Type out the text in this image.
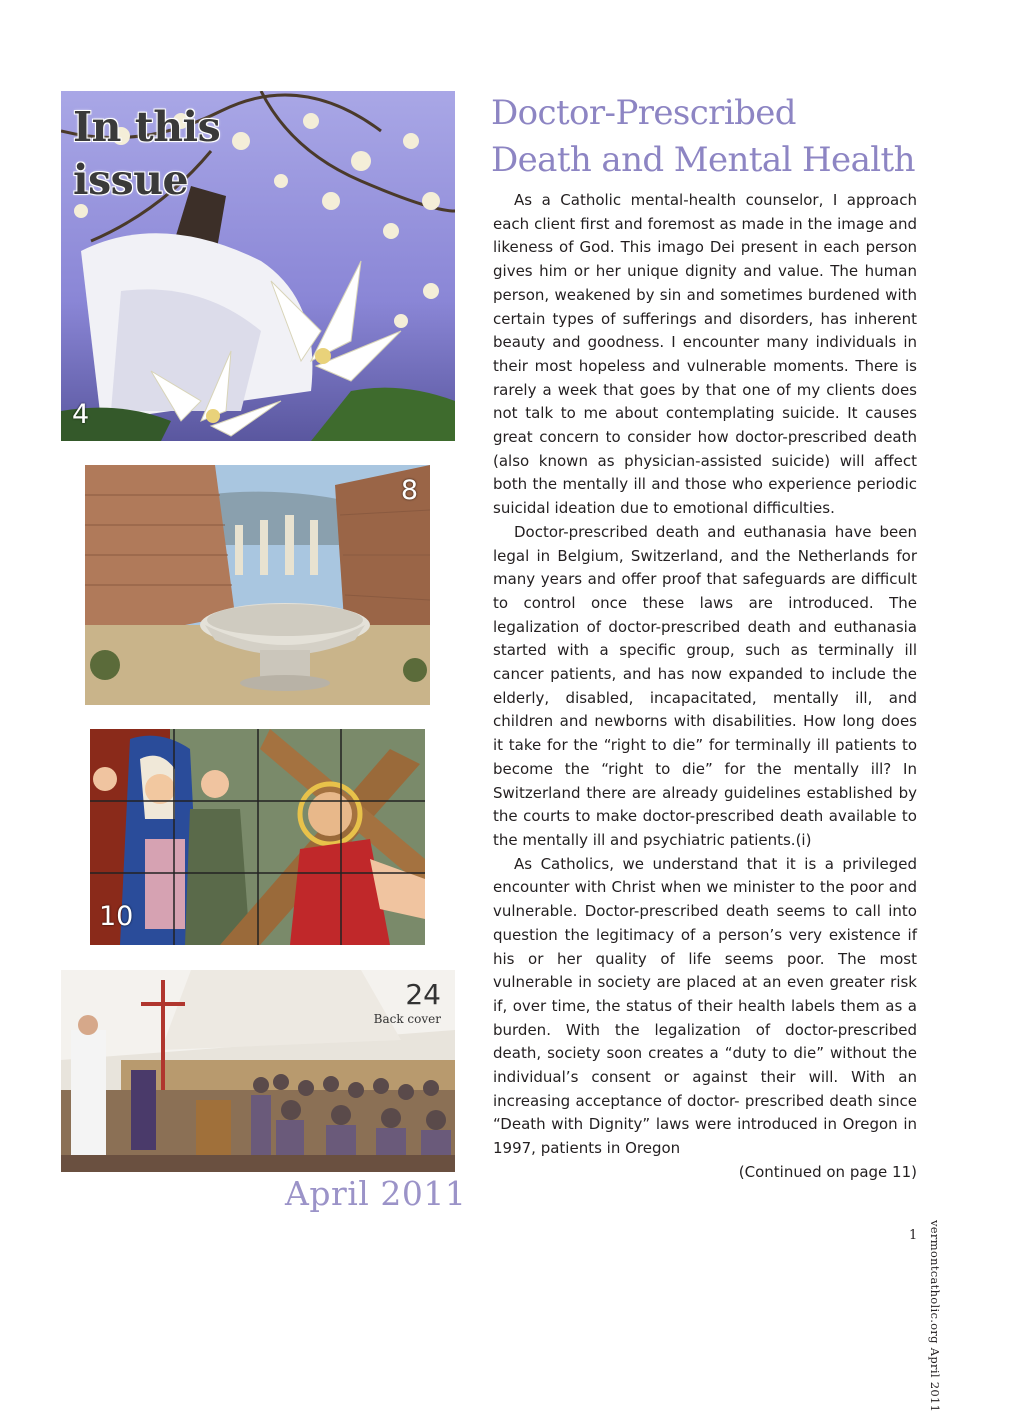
In this
issue
4
8
10
24
Back cover
April 2011
Doctor-Prescribed
Death and Mental Health

As a Catholic mental-health counselor, I approach each client first and foremost as made in the image and likeness of God. This imago Dei present in each person gives him or her unique dignity and value. The human person, weakened by sin and sometimes burdened with certain types of sufferings and disorders, has inherent beauty and goodness. I encounter many individuals in their most hopeless and vulnerable moments. There is rarely a week that goes by that one of my clients does not talk to me about contemplating suicide. It causes great concern to consider how doctor-prescribed death (also known as physician-assisted suicide) will affect both the mentally ill and those who experience periodic suicidal ideation due to emotional difficulties.

Doctor-prescribed death and euthanasia have been legal in Belgium, Switzerland, and the Netherlands for many years and offer proof that safeguards are difficult to control once these laws are introduced. The legalization of doctor-prescribed death and euthanasia started with a specific group, such as terminally ill cancer patients, and has now expanded to include the elderly, disabled, incapacitated, mentally ill, and children and newborns with disabilities. How long does it take for the “right to die” for terminally ill patients to become the “right to die” for the mentally ill? In Switzerland there are already guidelines established by the courts to make doctor-prescribed death available to the mentally ill and psychiatric patients.(i)

As Catholics, we understand that it is a privileged encounter with Christ when we minister to the poor and vulnerable. Doctor-prescribed death seems to call into question the legitimacy of a person’s very existence if his or her quality of life seems poor. The most vulnerable in society are placed at an even greater risk if, over time, the status of their health labels them as a burden. With the legalization of doctor-prescribed death, society soon creates a “duty to die” without the individual’s consent or against their will. With an increasing acceptance of doctor- prescribed death since “Death with Dignity” laws were introduced in Oregon in 1997, patients in Oregon

(Continued on page 11)

vermontcatholic.org April 2011
1
